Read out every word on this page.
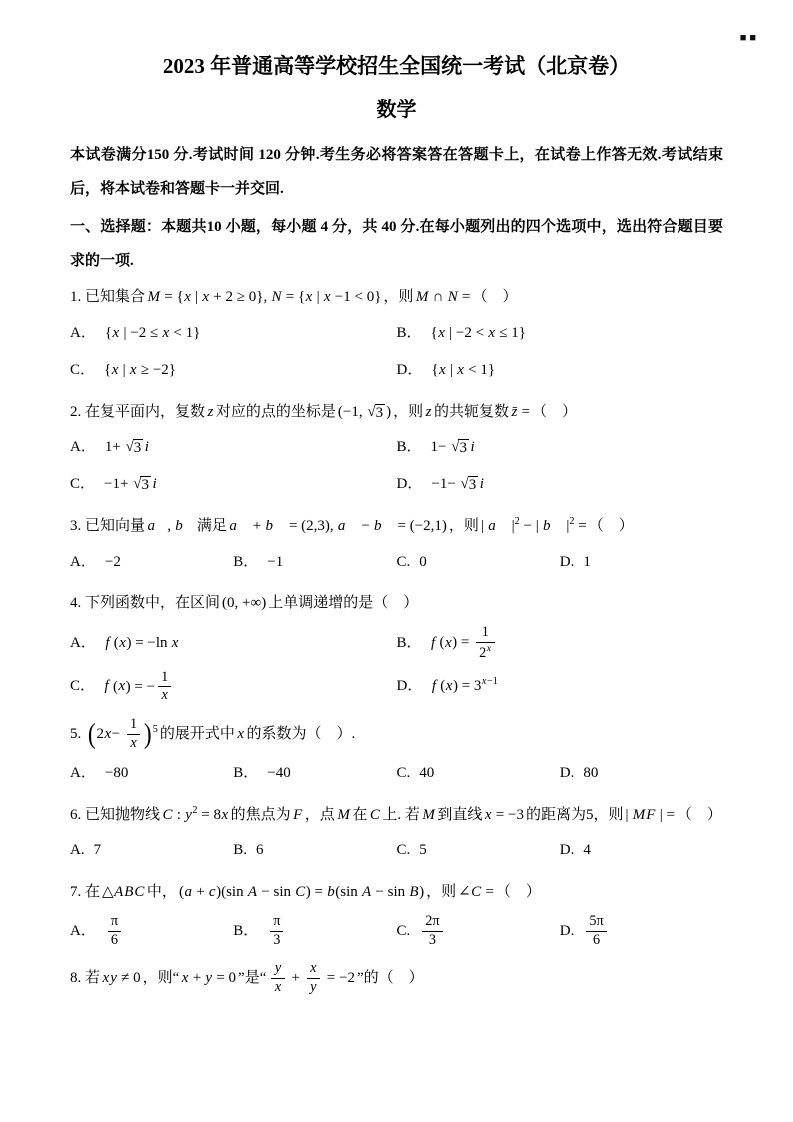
■■
2023 年普通高等学校招生全国统一考试（北京卷）
数学

本试卷满分150 分.考试时间 120 分钟.考生务必将答案答在答题卡上，在试卷上作答无效.考试结束后，将本试卷和答题卡一并交回.

一、选择题：本题共10 小题，每小题 4 分，共 40 分.在每小题列出的四个选项中，选出符合题目要求的一项.

1. 已知集合 M = {x | x + 2 ≥ 0}, N = {x | x −1 < 0} ，则 M ∩ N = （　）
A． {x | −2 ≤ x < 1}	B． {x | −2 < x ≤ 1}
C． {x | x ≥ −2}	D． {x | x < 1}
2. 在复平面内，复数 z 对应的点的坐标是 (−1, √ 3 ) ，则 z 的共轭复数 z̄ = （　）
A． 1+ √ 3 i	B． 1− √ 3 i
C． −1+ √ 3 i	D． −1− √ 3 i
3. 已知向量 a⃗, b⃗ 满足 a⃗ + b⃗ = (2,3), a⃗ − b⃗ = (−2,1) ，则 | a⃗ $|^2$ − | b⃗ $|^2$ = （　）
A． −2	B． −1	C. 0	D. 1
4. 下列函数中，在区间 (0, +∞) 上单调递增的是（　）
A． f (x) = −ln x	B． f $(x) = \frac{1}{2^x}$
C． f (x) = − $\frac{1}{x}$	D． f $(x) = 3^{x-1}$
5. ( 2 x −
1
x ) $^5$ 的展开式中 x 的系数为（　）.
A． −80	B． −40	C. 40	D. 80
6. 已知抛物线 C : $y^2 = 8x$ 的焦点为 F ，点 M 在 C 上. 若 M 到直线 x = −3 的距离为5，则 | MF | = （　）
A. 7	B. 6	C. 5	D. 4
7. 在 △ABC 中， (a + c)(sin A − sin C) = b(sin A − sin B) ，则 ∠C = （　）
A． $\frac{\pi}{6}$	B． $\frac{\pi}{3}$	C. $\frac{2\pi}{3}$	D. $\frac{5\pi}{6}$
8. 若 xy ≠ 0 ，则“ x + y = 0 ”是“ $\frac{y}{x} + \frac{x}{y} = -2$ ”的（　）
